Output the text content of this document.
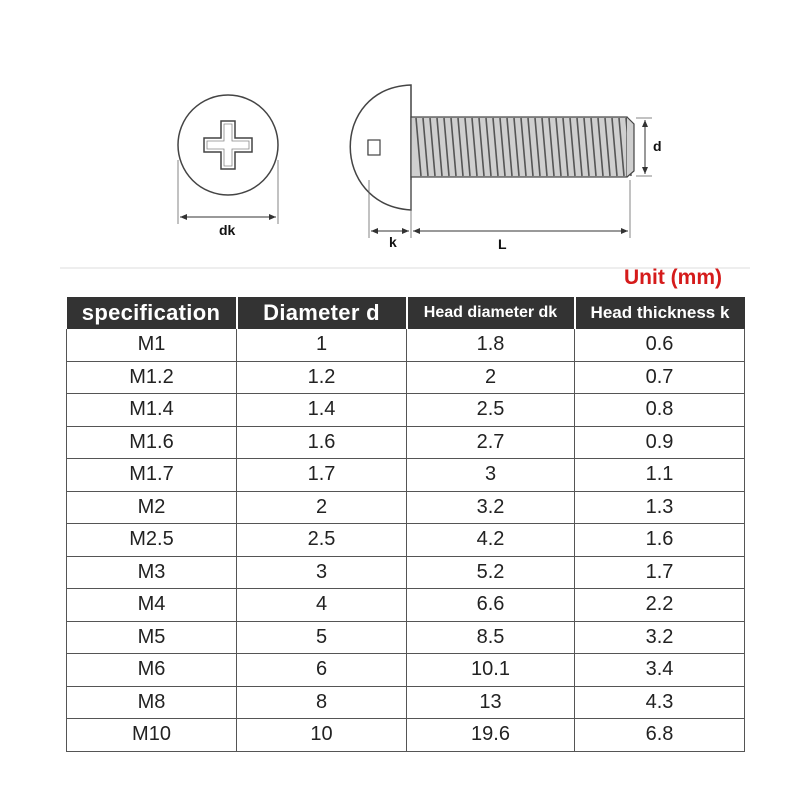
dk
k	L
d
Unit (mm)
specification	Diameter d	Head diameter dk	Head thickness k
M1	1	1.8	0.6
M1.2	1.2	2	0.7
M1.4	1.4	2.5	0.8
M1.6	1.6	2.7	0.9
M1.7	1.7	3	1.1
M2	2	3.2	1.3
M2.5	2.5	4.2	1.6
M3	3	5.2	1.7
M4	4	6.6	2.2
M5	5	8.5	3.2
M6	6	10.1	3.4
M8	8	13	4.3
M10	10	19.6	6.8
